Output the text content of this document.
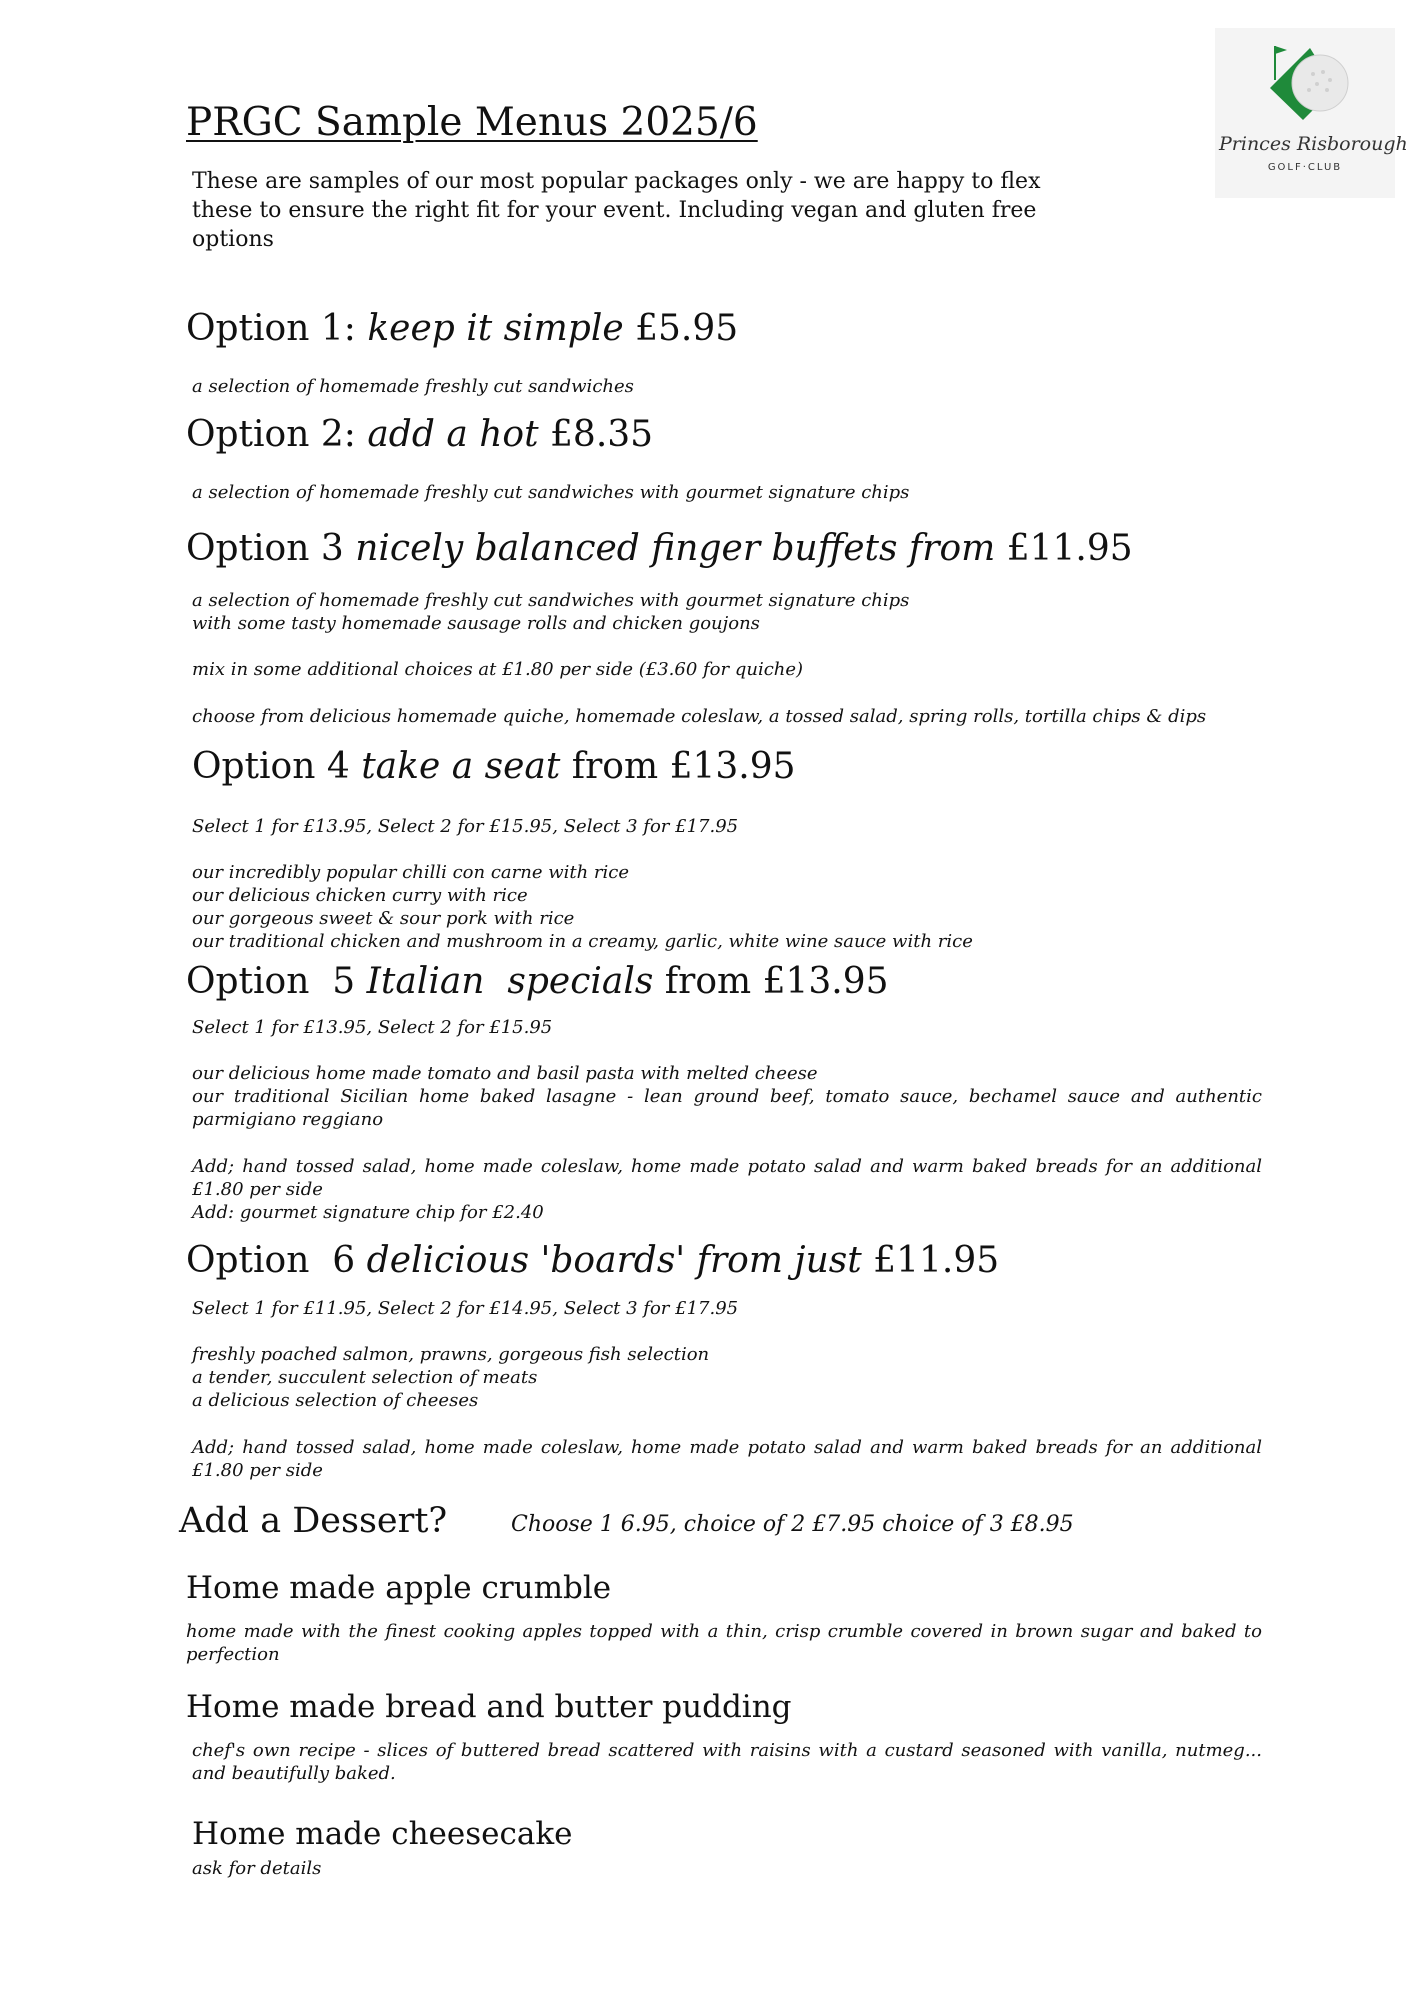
PRGC Sample Menus 2025/6
These are samples of our most popular packages only - we are happy to flex these to ensure the right fit for your event. Including vegan and gluten free options
Princes Risborough
GOLF·CLUB
Option 1: keep it simple £5.95
a selection of homemade freshly cut sandwiches
Option 2: add a hot £8.35
a selection of homemade freshly cut sandwiches with gourmet signature chips
Option 3 nicely balanced finger buffets from £11.95
a selection of homemade freshly cut sandwiches with gourmet signature chips
with some tasty homemade sausage rolls and chicken goujons
mix in some additional choices at £1.80 per side (£3.60 for quiche)
choose from delicious homemade quiche, homemade coleslaw, a tossed salad, spring rolls, tortilla chips & dips
Option 4 take a seat from £13.95
Select 1 for £13.95, Select 2 for £15.95, Select 3 for £17.95
our incredibly popular chilli con carne with rice
our delicious chicken curry with rice
our gorgeous sweet & sour pork with rice
our traditional chicken and mushroom in a creamy, garlic, white wine sauce with rice
Option  5 Italian  specials from £13.95
Select 1 for £13.95, Select 2 for £15.95
our delicious home made tomato and basil pasta with melted cheese
our traditional Sicilian home baked lasagne - lean ground beef, tomato sauce, bechamel sauce and authentic parmigiano reggiano
Add; hand tossed salad, home made coleslaw, home made potato salad and warm baked breads for an additional £1.80 per side
Add: gourmet signature chip for £2.40
Option  6 delicious 'boards' from just £11.95
Select 1 for £11.95, Select 2 for £14.95, Select 3 for £17.95
freshly poached salmon, prawns, gorgeous fish selection
a tender, succulent selection of meats
a delicious selection of cheeses
Add; hand tossed salad, home made coleslaw, home made potato salad and warm baked breads for an additional £1.80 per side
Add a Dessert?	Choose 1 6.95, choice of 2 £7.95 choice of 3 £8.95
Home made apple crumble
home made with the finest cooking apples topped with a thin, crisp crumble covered in brown sugar and baked to perfection
Home made bread and butter pudding
chef's own recipe - slices of buttered bread scattered with raisins with a custard seasoned with vanilla, nutmeg... and beautifully baked.
Home made cheesecake
ask for details
